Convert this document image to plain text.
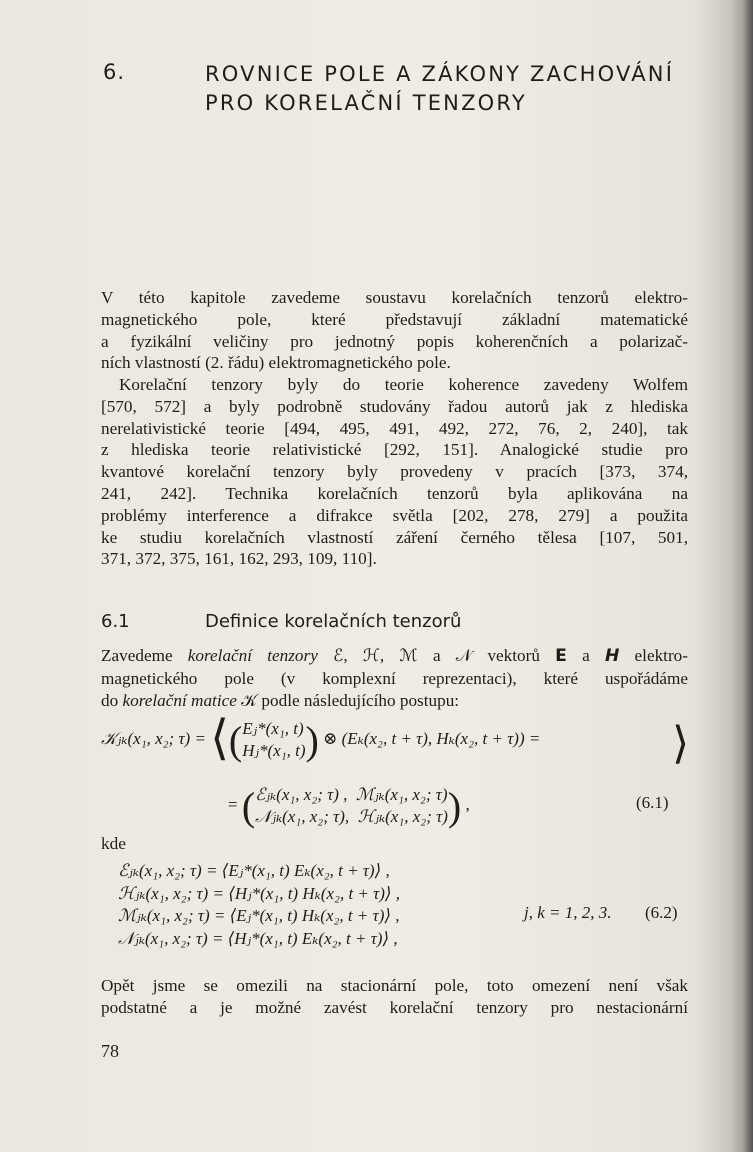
6.	ROVNICE POLE A ZÁKONY ZACHOVÁNÍ
PRO KORELAČNÍ TENZORY
V této kapitole zavedeme soustavu korelačních tenzorů elektro-
magnetického pole, které představují základní matematické
a fyzikální veličiny pro jednotný popis koherenčních a polarizač-
ních vlastností (2. řádu) elektromagnetického pole.
Korelační tenzory byly do teorie koherence zavedeny Wolfem
[570, 572] a byly podrobně studovány řadou autorů jak z hlediska
nerelativistické teorie [494, 495, 491, 492, 272, 76, 2, 240], tak
z hlediska teorie relativistické [292, 151]. Analogické studie pro
kvantové korelační tenzory byly provedeny v pracích [373, 374,
241, 242]. Technika korelačních tenzorů byla aplikována na
problémy interference a difrakce světla [202, 278, 279] a použita
ke studiu korelačních vlastností záření černého tělesa [107, 501,
371, 372, 375, 161, 162, 293, 109, 110].
6.1	Definice korelačních tenzorů
Zavedeme korelační tenzory ℰ, ℋ, ℳ a 𝒩 vektorů E a H elektro-
magnetického pole (v komplexní reprezentaci), které uspořádáme
do korelační matice 𝒦 podle následujícího postupu:
𝒦ⱼₖ(x₁, x₂; τ) = ⟨( Eⱼ*(x₁, t)
Hⱼ*(x₁, t) ) ⊗ (Eₖ(x₂, t + τ), Hₖ(x₂, t + τ)) =	⟩
= ( ℰⱼₖ(x₁, x₂; τ) , ℳⱼₖ(x₁, x₂; τ)
𝒩ⱼₖ(x₁, x₂; τ), ℋⱼₖ(x₁, x₂; τ) ) ,	(6.1)
kde
ℰⱼₖ(x₁, x₂; τ) = ⟨Eⱼ*(x₁, t) Eₖ(x₂, t + τ)⟩ ,
ℋⱼₖ(x₁, x₂; τ) = ⟨Hⱼ*(x₁, t) Hₖ(x₂, t + τ)⟩ ,
ℳⱼₖ(x₁, x₂; τ) = ⟨Eⱼ*(x₁, t) Hₖ(x₂, t + τ)⟩ ,
𝒩ⱼₖ(x₁, x₂; τ) = ⟨Hⱼ*(x₁, t) Eₖ(x₂, t + τ)⟩ ,
j, k = 1, 2, 3. (6.2)
Opět jsme se omezili na stacionární pole, toto omezení není však
podstatné a je možné zavést korelační tenzory pro nestacionární
78
